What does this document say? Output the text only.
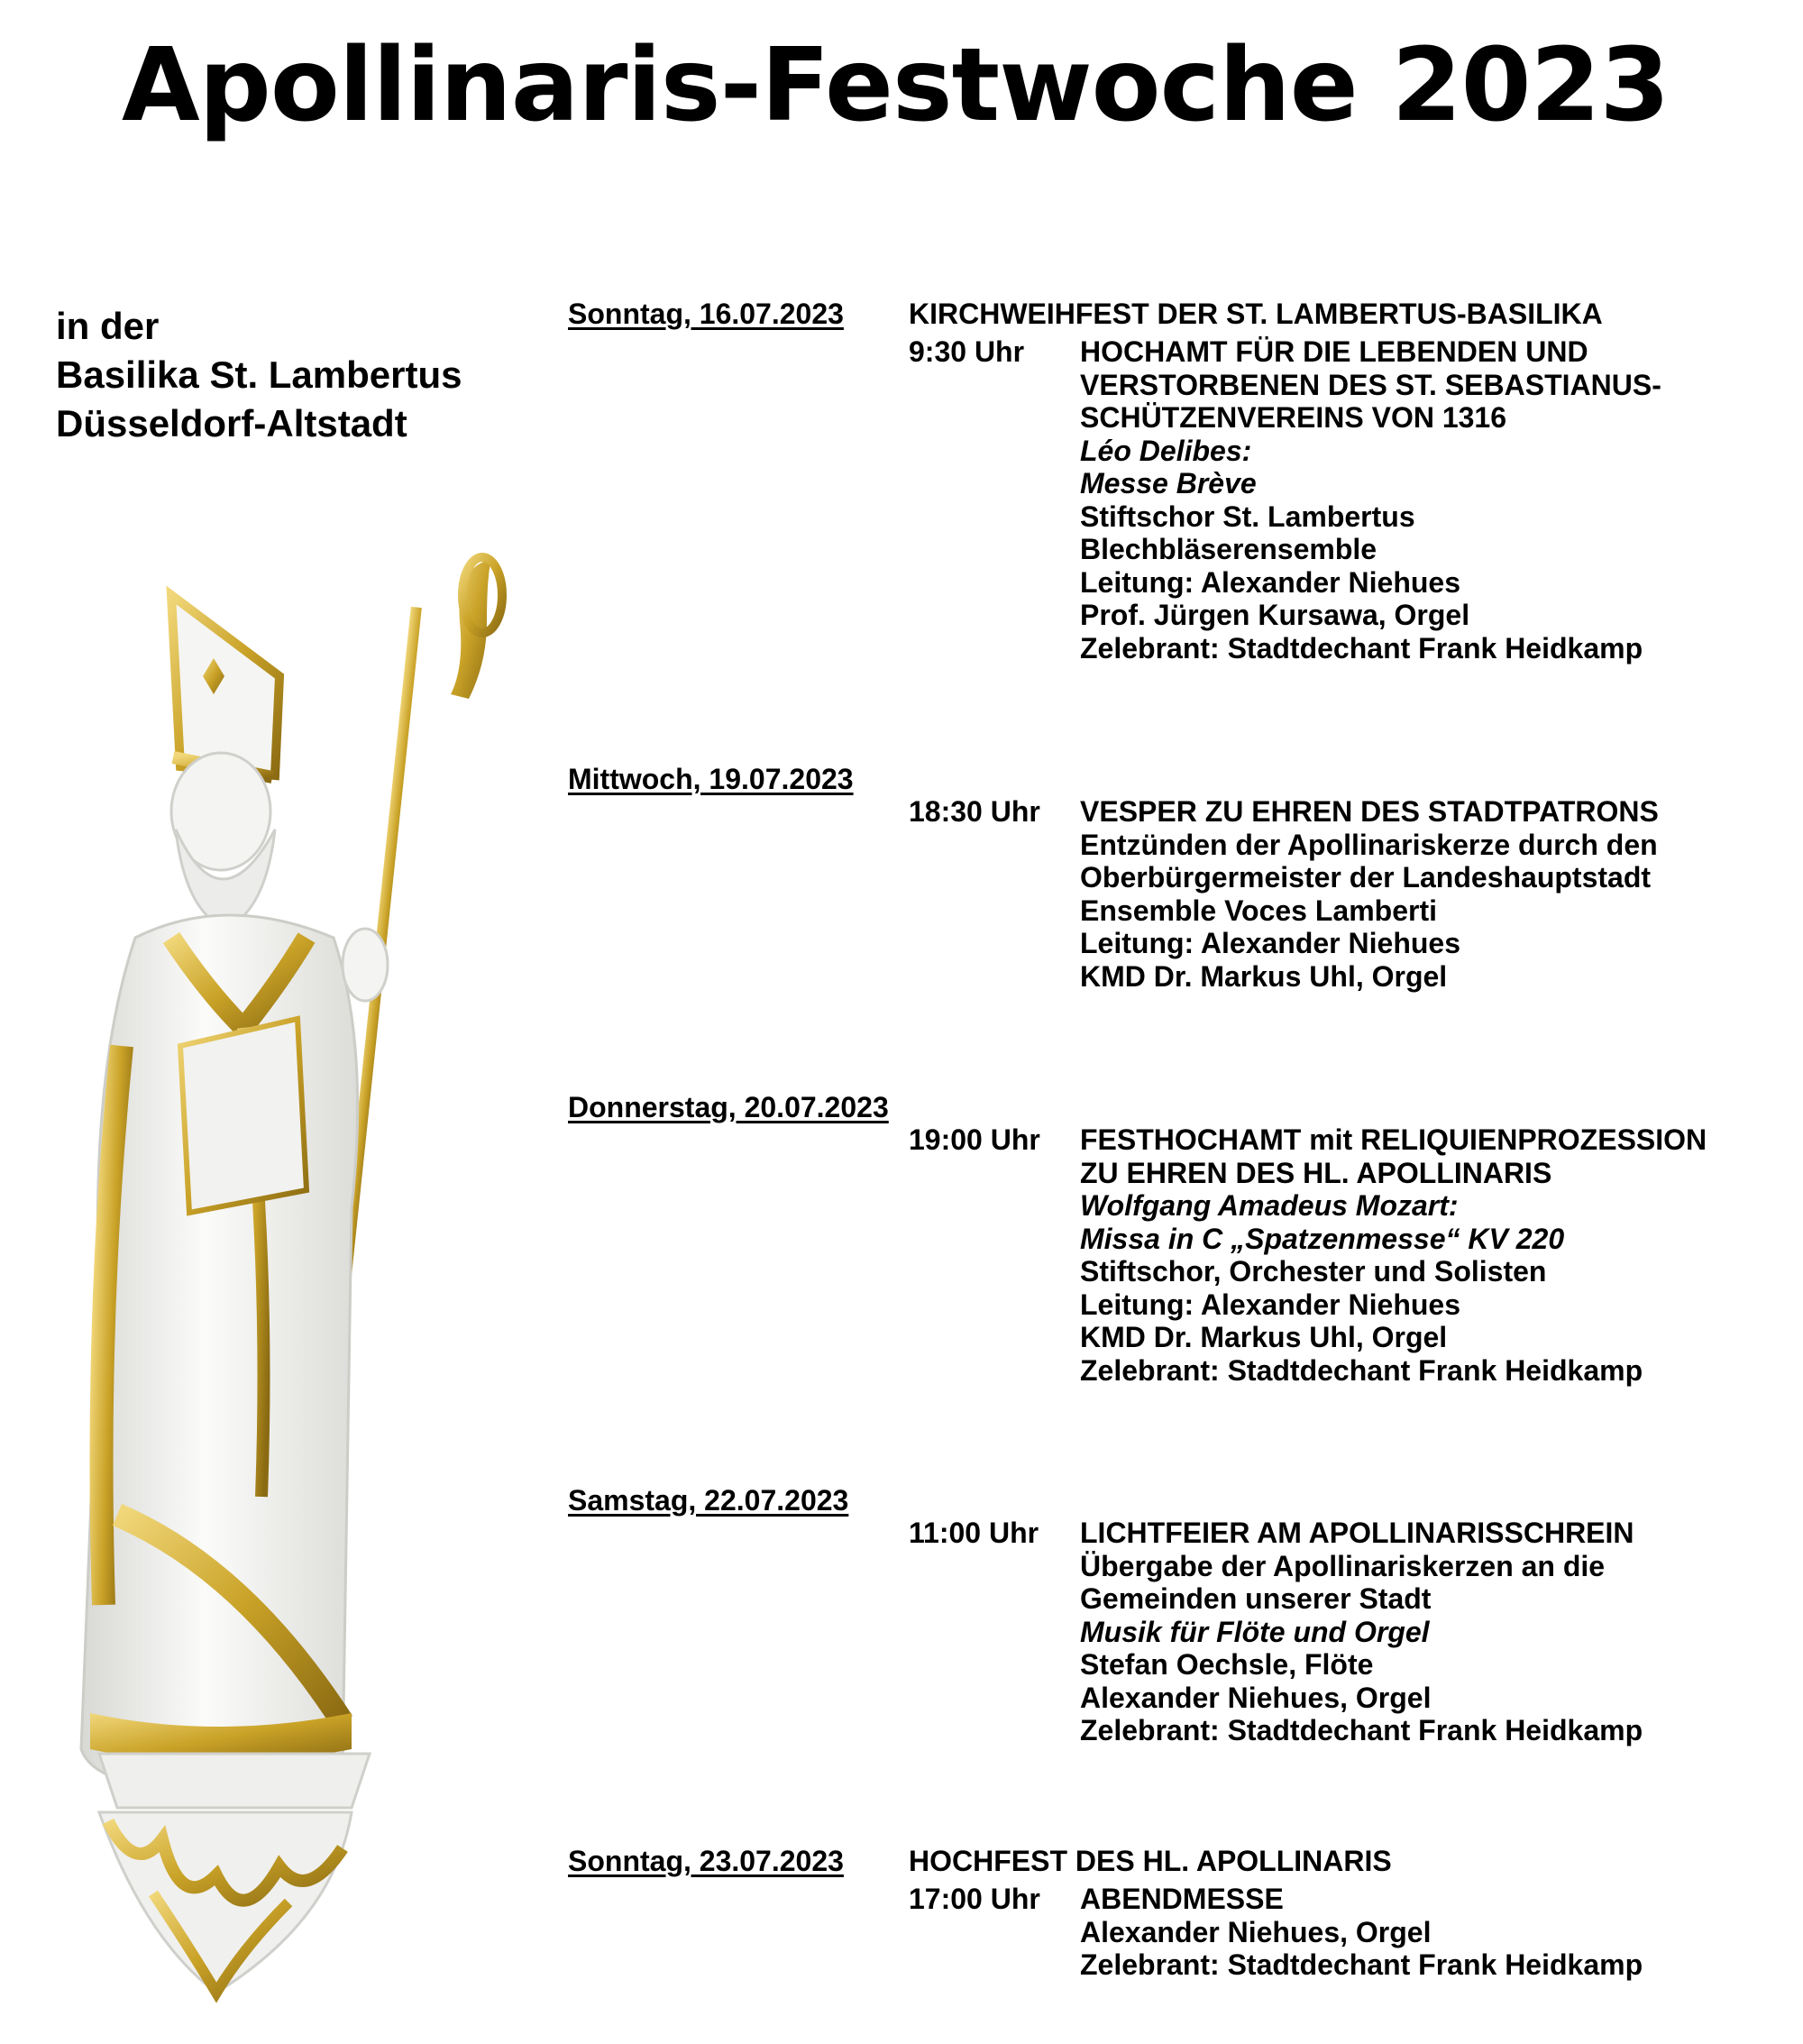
Apollinaris-Festwoche 2023
in der
Basilika St. Lambertus
Düsseldorf-Altstadt
Sonntag, 16.07.2023 KIRCHWEIHFEST DER ST. LAMBERTUS-BASILIKA
9:30 Uhr HOCHAMT FÜR DIE LEBENDEN UND
VERSTORBENEN DES ST. SEBASTIANUS-
SCHÜTZENVEREINS VON 1316
Léo Delibes:
Messe Brève
Stiftschor St. Lambertus
Blechbläserensemble
Leitung: Alexander Niehues
Prof. Jürgen Kursawa, Orgel
Zelebrant: Stadtdechant Frank Heidkamp
Mittwoch, 19.07.2023
18:30 Uhr VESPER ZU EHREN DES STADTPATRONS
Entzünden der Apollinariskerze durch den
Oberbürgermeister der Landeshauptstadt
Ensemble Voces Lamberti
Leitung: Alexander Niehues
KMD Dr. Markus Uhl, Orgel
Donnerstag, 20.07.2023
19:00 Uhr FESTHOCHAMT mit RELIQUIENPROZESSION
ZU EHREN DES HL. APOLLINARIS
Wolfgang Amadeus Mozart:
Missa in C „Spatzenmesse“ KV 220
Stiftschor, Orchester und Solisten
Leitung: Alexander Niehues
KMD Dr. Markus Uhl, Orgel
Zelebrant: Stadtdechant Frank Heidkamp
Samstag, 22.07.2023
11:00 Uhr LICHTFEIER AM APOLLINARISSCHREIN
Übergabe der Apollinariskerzen an die
Gemeinden unserer Stadt
Musik für Flöte und Orgel
Stefan Oechsle, Flöte
Alexander Niehues, Orgel
Zelebrant: Stadtdechant Frank Heidkamp
Sonntag, 23.07.2023 HOCHFEST DES HL. APOLLINARIS
17:00 Uhr ABENDMESSE
Alexander Niehues, Orgel
Zelebrant: Stadtdechant Frank Heidkamp
